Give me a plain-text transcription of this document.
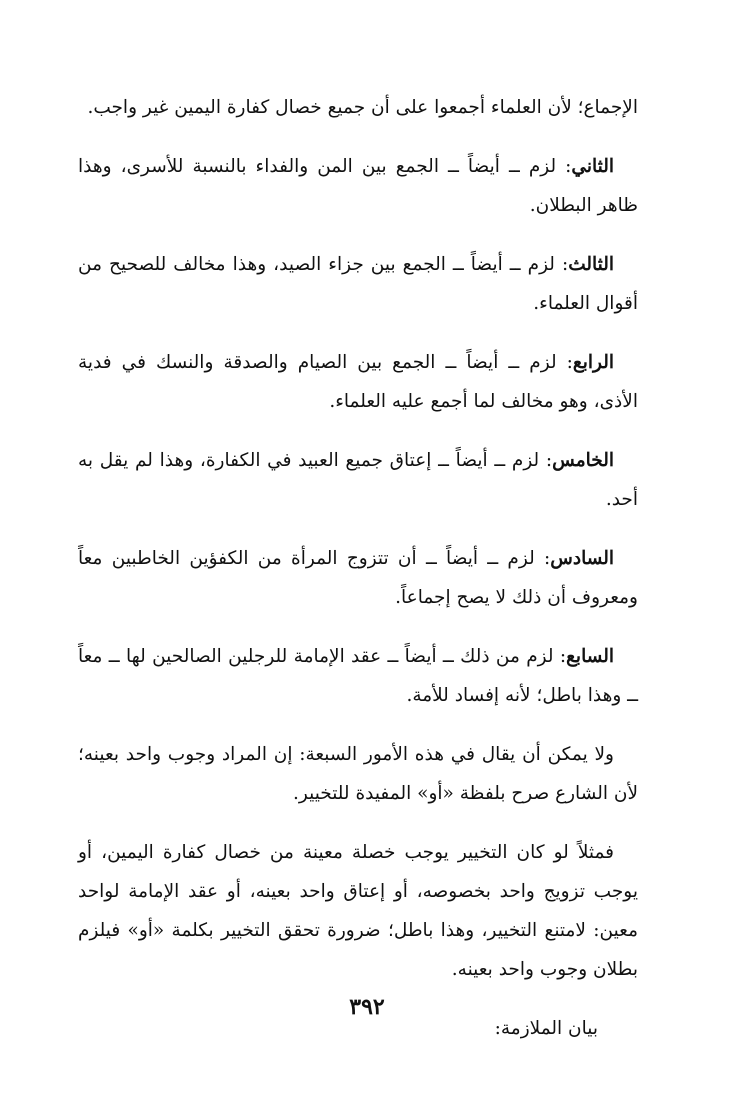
الإجماع؛ لأن العلماء أجمعوا على أن جميع خصال كفارة اليمين غير واجب.

الثاني: لزم ــ أيضاً ــ الجمع بين المن والفداء بالنسبة للأسرى، وهذا ظاهر البطلان.

الثالث: لزم ــ أيضاً ــ الجمع بين جزاء الصيد، وهذا مخالف للصحيح من أقوال العلماء.

الرابع: لزم ــ أيضاً ــ الجمع بين الصيام والصدقة والنسك في فدية الأذى، وهو مخالف لما أجمع عليه العلماء.

الخامس: لزم ــ أيضاً ــ إعتاق جميع العبيد في الكفارة، وهذا لم يقل به أحد.

السادس: لزم ــ أيضاً ــ أن تتزوج المرأة من الكفؤين الخاطبين معاً ومعروف أن ذلك لا يصح إجماعاً.

السابع: لزم من ذلك ــ أيضاً ــ عقد الإمامة للرجلين الصالحين لها ــ معاً ــ وهذا باطل؛ لأنه إفساد للأمة.

ولا يمكن أن يقال في هذه الأمور السبعة: إن المراد وجوب واحد بعينه؛ لأن الشارع صرح بلفظة «أو» المفيدة للتخيير.

فمثلاً لو كان التخيير يوجب خصلة معينة من خصال كفارة اليمين، أو يوجب تزويج واحد بخصوصه، أو إعتاق واحد بعينه، أو عقد الإمامة لواحد معين: لامتنع التخيير، وهذا باطل؛ ضرورة تحقق التخيير بكلمة «أو» فيلزم بطلان وجوب واحد بعينه.

بيان الملازمة:

٣٩٢
